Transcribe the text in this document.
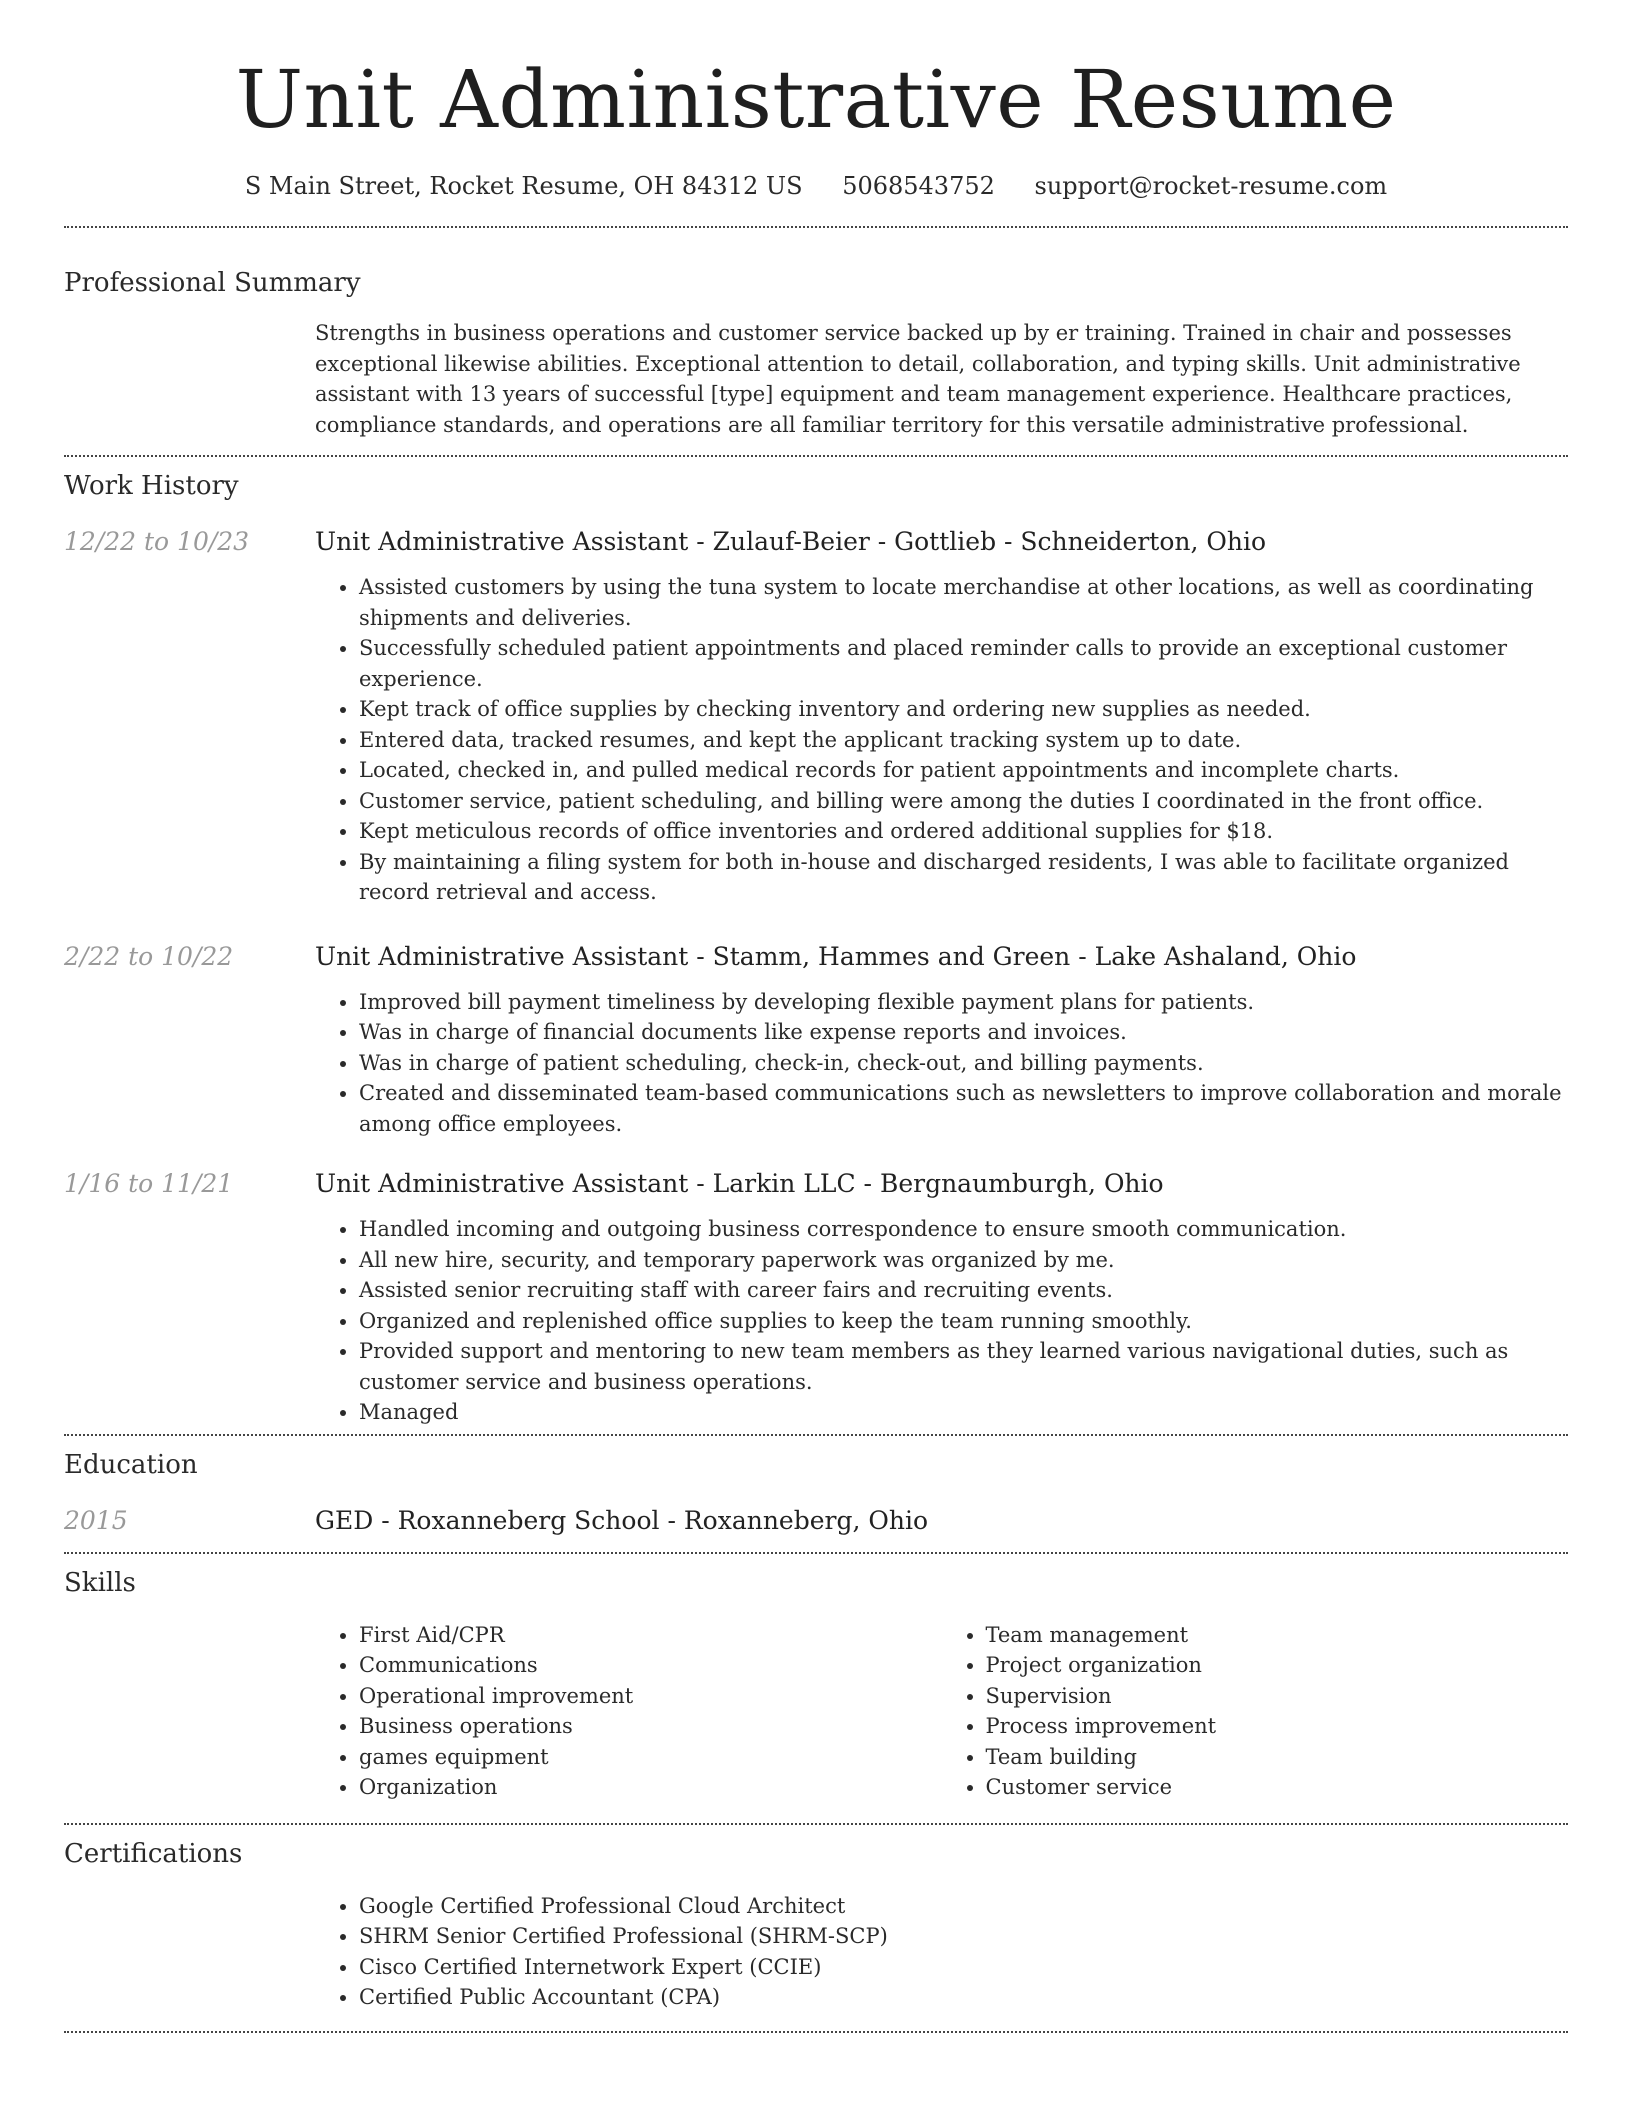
Unit Administrative Resume
S Main Street, Rocket Resume, OH 84312 US 5068543752 support@rocket-resume.com
Professional Summary
Strengths in business operations and customer service backed up by er training. Trained in chair and possesses exceptional likewise abilities. Exceptional attention to detail, collaboration, and typing skills. Unit administrative assistant with 13 years of successful [type] equipment and team management experience. Healthcare practices, compliance standards, and operations are all familiar territory for this versatile administrative professional.
Work History
12/22 to 10/23	Unit Administrative Assistant - Zulauf-Beier - Gottlieb - Schneiderton, Ohio
• Assisted customers by using the tuna system to locate merchandise at other locations, as well as coordinating shipments and deliveries.
• Successfully scheduled patient appointments and placed reminder calls to provide an exceptional customer experience.
• Kept track of office supplies by checking inventory and ordering new supplies as needed.
• Entered data, tracked resumes, and kept the applicant tracking system up to date.
• Located, checked in, and pulled medical records for patient appointments and incomplete charts.
• Customer service, patient scheduling, and billing were among the duties I coordinated in the front office.
• Kept meticulous records of office inventories and ordered additional supplies for $18.
• By maintaining a filing system for both in-house and discharged residents, I was able to facilitate organized record retrieval and access.
2/22 to 10/22	Unit Administrative Assistant - Stamm, Hammes and Green - Lake Ashaland, Ohio
• Improved bill payment timeliness by developing flexible payment plans for patients.
• Was in charge of financial documents like expense reports and invoices.
• Was in charge of patient scheduling, check-in, check-out, and billing payments.
• Created and disseminated team-based communications such as newsletters to improve collaboration and morale among office employees.
1/16 to 11/21	Unit Administrative Assistant - Larkin LLC - Bergnaumburgh, Ohio
• Handled incoming and outgoing business correspondence to ensure smooth communication.
• All new hire, security, and temporary paperwork was organized by me.
• Assisted senior recruiting staff with career fairs and recruiting events.
• Organized and replenished office supplies to keep the team running smoothly.
• Provided support and mentoring to new team members as they learned various navigational duties, such as customer service and business operations.
• Managed
Education
2015	GED - Roxanneberg School - Roxanneberg, Ohio
Skills
• First Aid/CPR
• Communications
• Operational improvement
• Business operations
• games equipment
• Organization
• Team management
• Project organization
• Supervision
• Process improvement
• Team building
• Customer service
Certifications
• Google Certified Professional Cloud Architect
• SHRM Senior Certified Professional (SHRM-SCP)
• Cisco Certified Internetwork Expert (CCIE)
• Certified Public Accountant (CPA)
